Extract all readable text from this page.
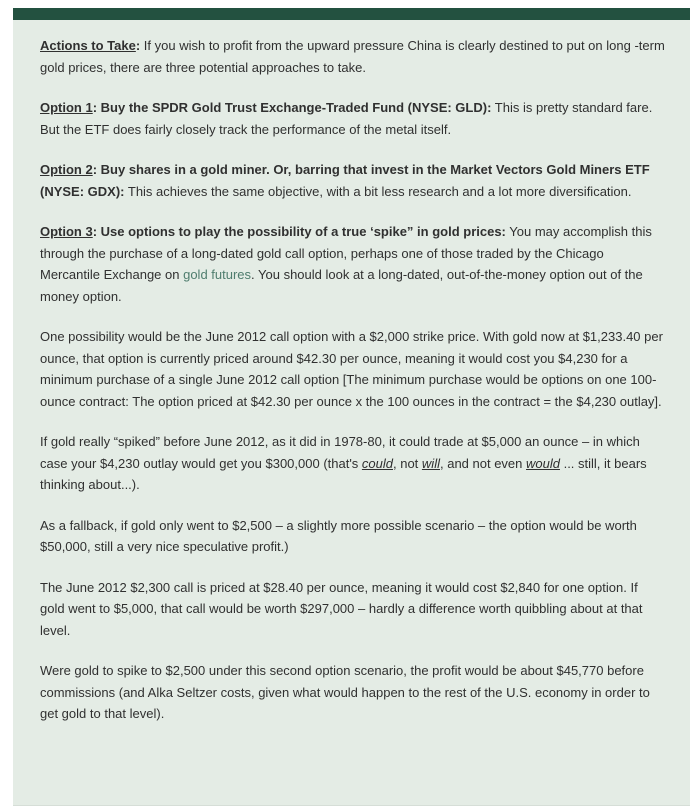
Actions to Take: If you wish to profit from the upward pressure China is clearly destined to put on long -term gold prices, there are three potential approaches to take.

Option 1: Buy the SPDR Gold Trust Exchange-Traded Fund (NYSE: GLD): This is pretty standard fare. But the ETF does fairly closely track the performance of the metal itself.

Option 2: Buy shares in a gold miner. Or, barring that invest in the Market Vectors Gold Miners ETF (NYSE: GDX): This achieves the same objective, with a bit less research and a lot more diversification.

Option 3: Use options to play the possibility of a true ‘spike” in gold prices: You may accomplish this through the purchase of a long-dated gold call option, perhaps one of those traded by the Chicago Mercantile Exchange on gold futures. You should look at a long-dated, out-of-the-money option out of the money option.

One possibility would be the June 2012 call option with a $2,000 strike price. With gold now at $1,233.40 per ounce, that option is currently priced around $42.30 per ounce, meaning it would cost you $4,230 for a minimum purchase of a single June 2012 call option [The minimum purchase would be options on one 100-ounce contract: The option priced at $42.30 per ounce x the 100 ounces in the contract = the $4,230 outlay].

If gold really “spiked” before June 2012, as it did in 1978-80, it could trade at $5,000 an ounce – in which case your $4,230 outlay would get you $300,000 (that's could, not will, and not even would ... still, it bears thinking about...).

As a fallback, if gold only went to $2,500 – a slightly more possible scenario – the option would be worth $50,000, still a very nice speculative profit.)

The June 2012 $2,300 call is priced at $28.40 per ounce, meaning it would cost $2,840 for one option. If gold went to $5,000, that call would be worth $297,000 – hardly a difference worth quibbling about at that level.

Were gold to spike to $2,500 under this second option scenario, the profit would be about $45,770 before commissions (and Alka Seltzer costs, given what would happen to the rest of the U.S. economy in order to get gold to that level).
